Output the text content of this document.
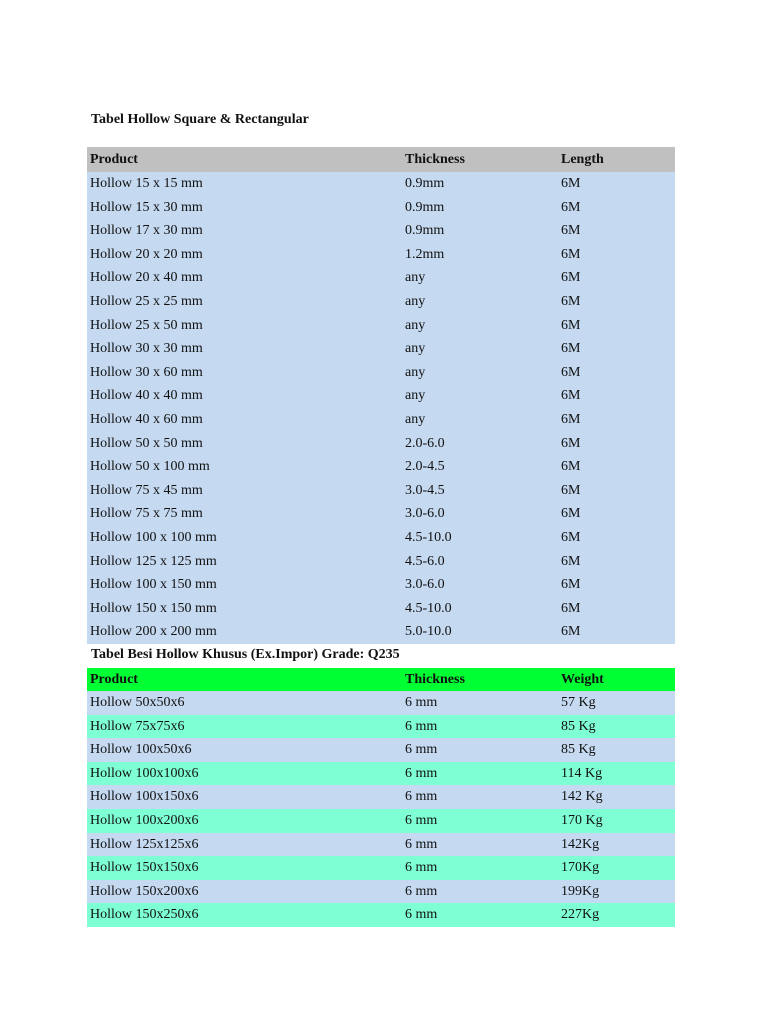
Tabel Hollow Square & Rectangular
Product	Thickness	Length
Hollow 15 x 15 mm	0.9mm	6M
Hollow 15 x 30 mm	0.9mm	6M
Hollow 17 x 30 mm	0.9mm	6M
Hollow 20 x 20 mm	1.2mm	6M
Hollow 20 x 40 mm	any	6M
Hollow 25 x 25 mm	any	6M
Hollow 25 x 50 mm	any	6M
Hollow 30 x 30 mm	any	6M
Hollow 30 x 60 mm	any	6M
Hollow 40 x 40 mm	any	6M
Hollow 40 x 60 mm	any	6M
Hollow 50 x 50 mm	2.0-6.0	6M
Hollow 50 x 100 mm	2.0-4.5	6M
Hollow 75 x 45 mm	3.0-4.5	6M
Hollow 75 x 75 mm	3.0-6.0	6M
Hollow 100 x 100 mm	4.5-10.0	6M
Hollow 125 x 125 mm	4.5-6.0	6M
Hollow 100 x 150 mm	3.0-6.0	6M
Hollow 150 x 150 mm	4.5-10.0	6M
Hollow 200 x 200 mm	5.0-10.0	6M
Tabel Besi Hollow Khusus (Ex.Impor) Grade: Q235
Product	Thickness	Weight
Hollow 50x50x6	6 mm	57 Kg
Hollow 75x75x6	6 mm	85 Kg
Hollow 100x50x6	6 mm	85 Kg
Hollow 100x100x6	6 mm	114 Kg
Hollow 100x150x6	6 mm	142 Kg
Hollow 100x200x6	6 mm	170 Kg
Hollow 125x125x6	6 mm	142Kg
Hollow 150x150x6	6 mm	170Kg
Hollow 150x200x6	6 mm	199Kg
Hollow 150x250x6	6 mm	227Kg
